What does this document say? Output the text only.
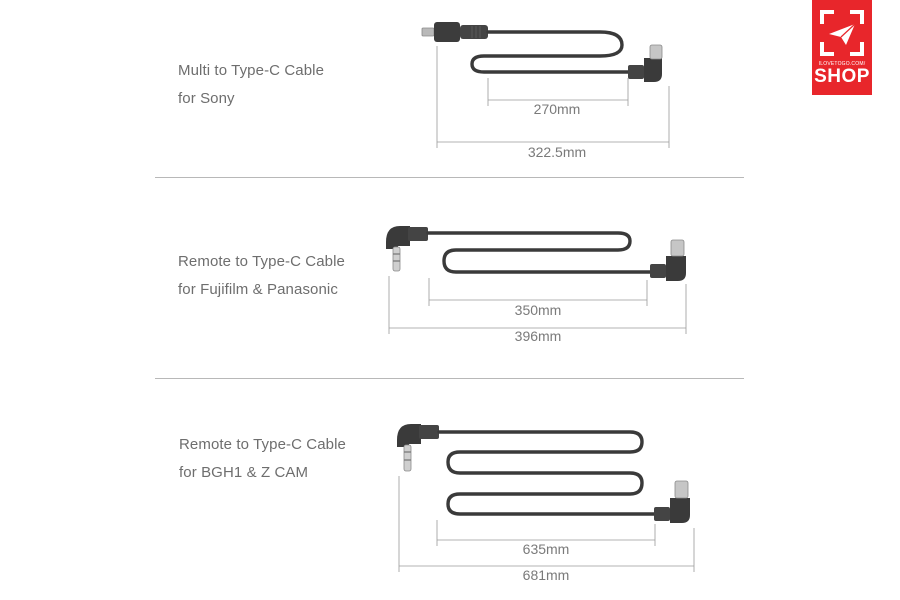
ILOVETOGO.COM/
SHOP
Multi to Type-C Cable
for Sony
Remote to Type-C Cable
for Fujifilm & Panasonic
Remote to Type-C Cable
for BGH1 & Z CAM
270mm
322.5mm
350mm
396mm
635mm
681mm
